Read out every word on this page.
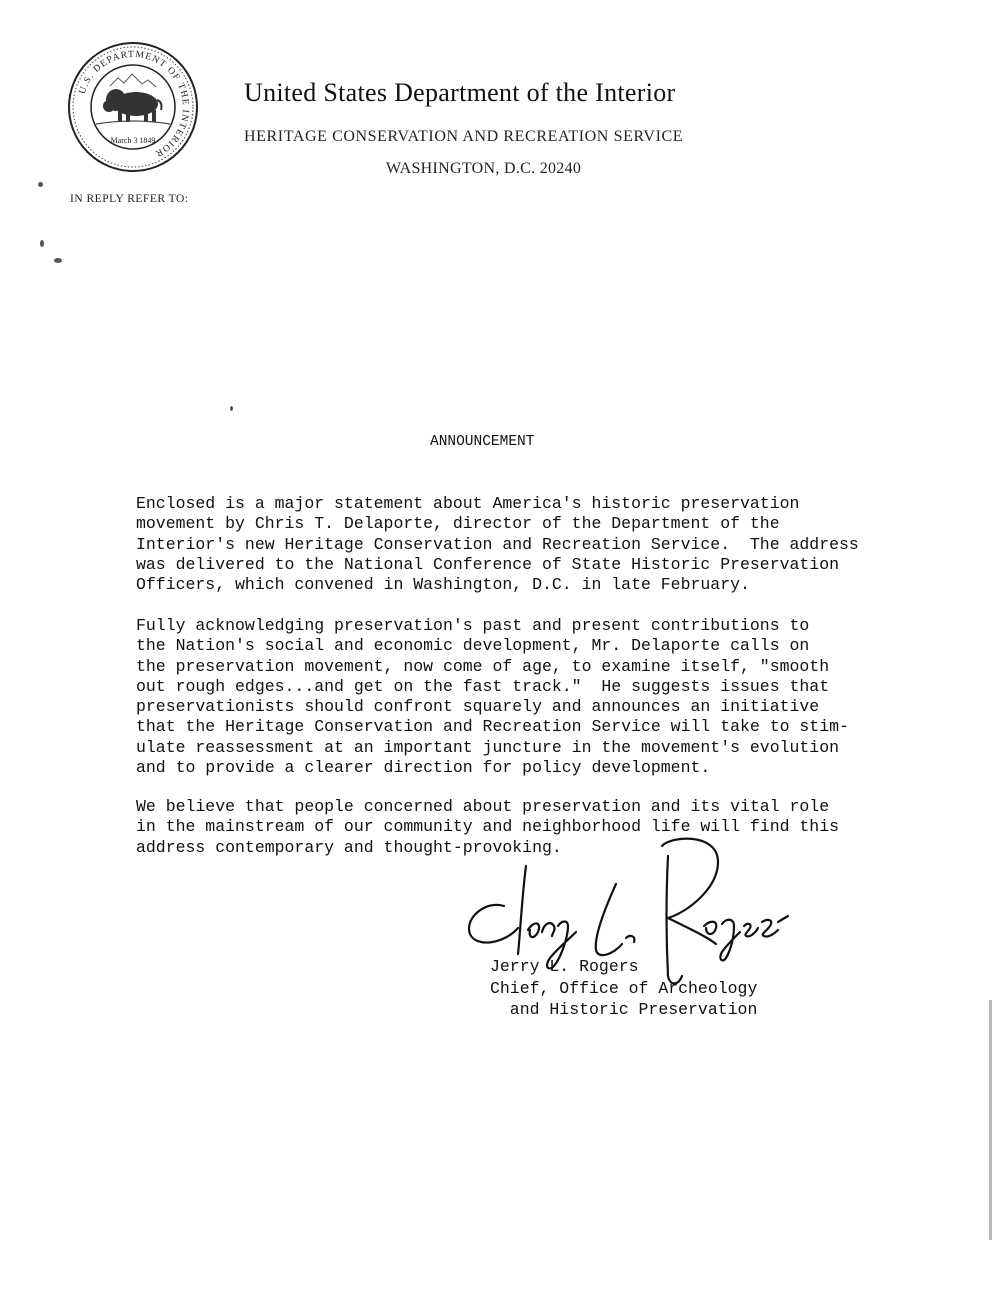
U.S. DEPARTMENT OF THE INTERIOR
March 3 1849
United States Department of the Interior
HERITAGE CONSERVATION AND RECREATION SERVICE
WASHINGTON, D.C. 20240
IN REPLY REFER TO:
ANNOUNCEMENT
Enclosed is a major statement about America's historic preservation
movement by Chris T. Delaporte, director of the Department of the
Interior's new Heritage Conservation and Recreation Service.  The address
was delivered to the National Conference of State Historic Preservation
Officers, which convened in Washington, D.C. in late February.
Fully acknowledging preservation's past and present contributions to
the Nation's social and economic development, Mr. Delaporte calls on
the preservation movement, now come of age, to examine itself, "smooth
out rough edges...and get on the fast track."  He suggests issues that
preservationists should confront squarely and announces an initiative
that the Heritage Conservation and Recreation Service will take to stim-
ulate reassessment at an important juncture in the movement's evolution
and to provide a clearer direction for policy development.
We believe that people concerned about preservation and its vital role
in the mainstream of our community and neighborhood life will find this
address contemporary and thought-provoking.
Jerry L. Rogers
Chief, Office of Archeology
and Historic Preservation
